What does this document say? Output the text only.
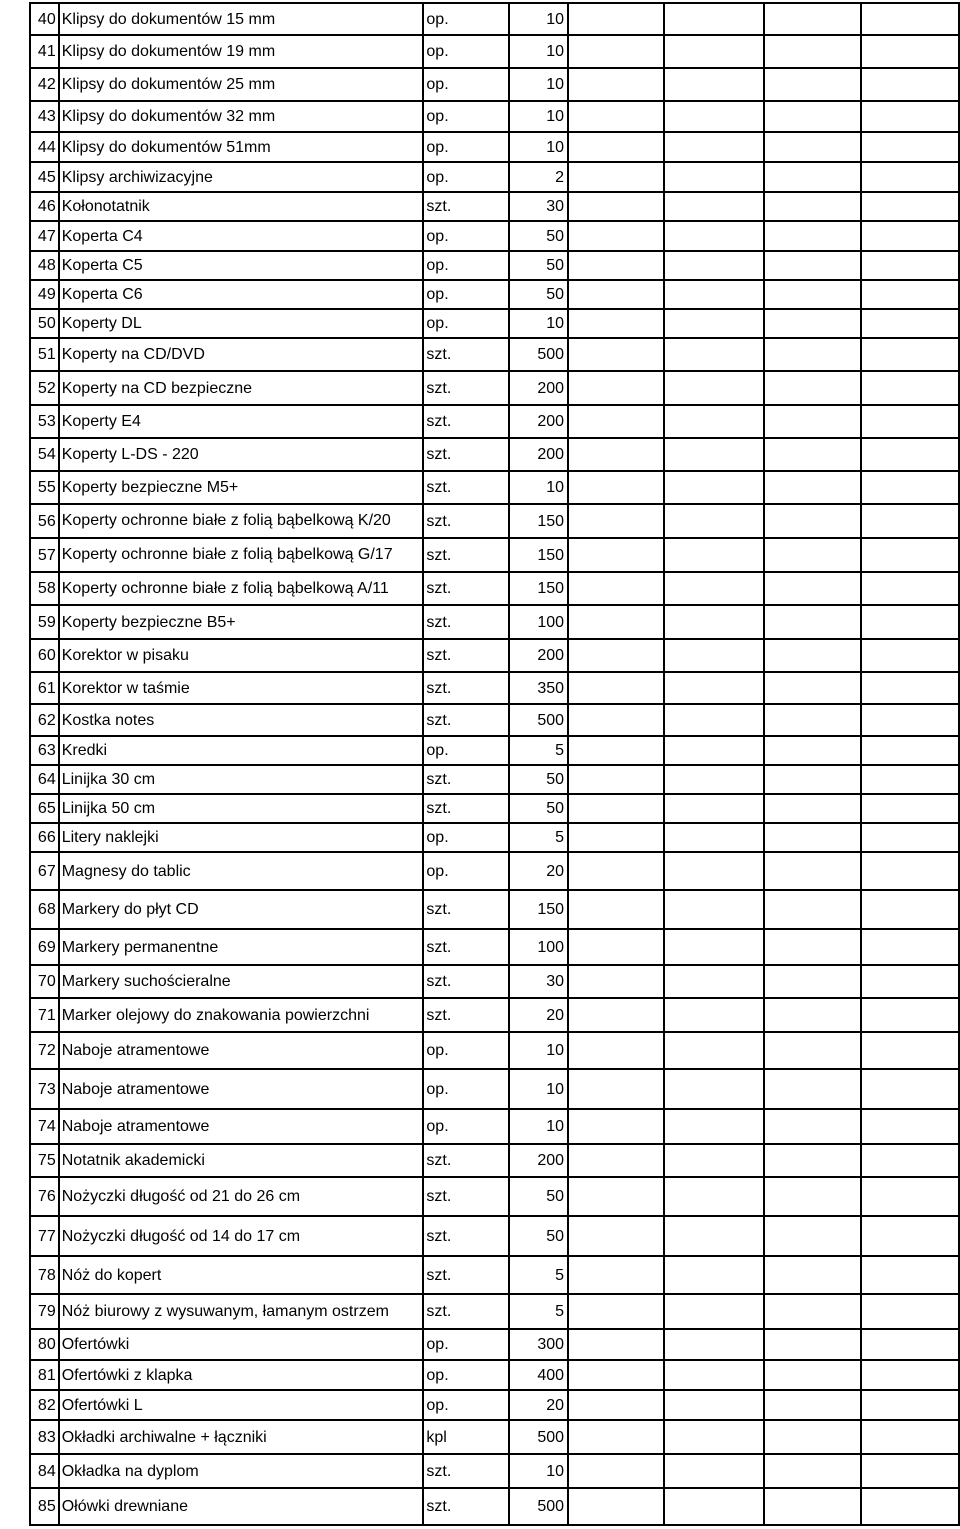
40	Klipsy do dokumentów 15 mm	op.	10				
41	Klipsy do dokumentów 19 mm	op.	10				
42	Klipsy do dokumentów 25 mm	op.	10				
43	Klipsy do dokumentów 32 mm	op.	10				
44	Klipsy do dokumentów 51mm	op.	10				
45	Klipsy archiwizacyjne	op.	2				
46	Kołonotatnik	szt.	30				
47	Koperta C4	op.	50				
48	Koperta C5	op.	50				
49	Koperta C6	op.	50				
50	Koperty DL	op.	10				
51	Koperty na CD/DVD	szt.	500				
52	Koperty na CD bezpieczne	szt.	200				
53	Koperty E4	szt.	200				
54	Koperty L-DS - 220	szt.	200				
55	Koperty bezpieczne M5+	szt.	10				
56	Koperty ochronne białe z folią bąbelkową K/20	szt.	150				
57	Koperty ochronne białe z folią bąbelkową G/17	szt.	150				
58	Koperty ochronne białe z folią bąbelkową A/11	szt.	150				
59	Koperty bezpieczne B5+	szt.	100				
60	Korektor w pisaku	szt.	200				
61	Korektor w taśmie	szt.	350				
62	Kostka notes	szt.	500				
63	Kredki	op.	5				
64	Linijka 30 cm	szt.	50				
65	Linijka 50 cm	szt.	50				
66	Litery naklejki	op.	5				
67	Magnesy do tablic	op.	20				
68	Markery do płyt CD	szt.	150				
69	Markery permanentne	szt.	100				
70	Markery suchościeralne	szt.	30				
71	Marker olejowy do znakowania powierzchni	szt.	20				
72	Naboje atramentowe	op.	10				
73	Naboje atramentowe	op.	10				
74	Naboje atramentowe	op.	10				
75	Notatnik akademicki	szt.	200				
76	Nożyczki długość od 21 do 26 cm	szt.	50				
77	Nożyczki długość od 14 do 17 cm	szt.	50				
78	Nóż do kopert	szt.	5				
79	Nóż biurowy z wysuwanym, łamanym ostrzem	szt.	5				
80	Ofertówki	op.	300				
81	Ofertówki z klapka	op.	400				
82	Ofertówki L	op.	20				
83	Okładki archiwalne + łączniki	kpl	500				
84	Okładka na dyplom	szt.	10				
85	Ołówki drewniane	szt.	500				
